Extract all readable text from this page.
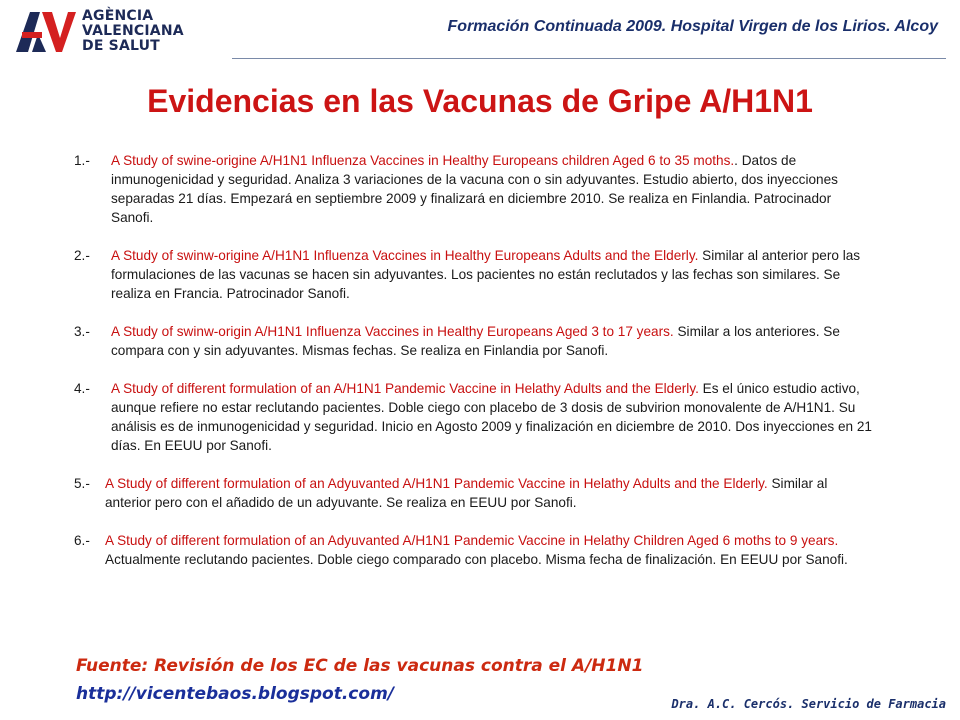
AGÈNCIA
VALENCIANA
DE SALUT
Formación Continuada 2009. Hospital Virgen de los Lirios. Alcoy
Evidencias en las Vacunas de Gripe A/H1N1
1.- A Study of swine-origine A/H1N1 Influenza Vaccines in Healthy Europeans children Aged 6 to 35 moths.. Datos de inmunogenicidad y seguridad. Analiza 3 variaciones de la vacuna con o sin adyuvantes. Estudio abierto, dos inyecciones separadas 21 días. Empezará en septiembre 2009 y finalizará en diciembre 2010. Se realiza en Finlandia. Patrocinador Sanofi.
2.- A Study of swinw-origine A/H1N1 Influenza Vaccines in Healthy Europeans Adults and the Elderly. Similar al anterior pero las formulaciones de las vacunas se hacen sin adyuvantes. Los pacientes no están reclutados y las fechas son similares. Se realiza en Francia. Patrocinador Sanofi.
3.- A Study of swinw-origin A/H1N1 Influenza Vaccines in Healthy Europeans Aged 3 to 17 years. Similar a los anteriores. Se compara con y sin adyuvantes. Mismas fechas. Se realiza en Finlandia por Sanofi.
4.- A Study of different formulation of an A/H1N1 Pandemic Vaccine in Helathy Adults and the Elderly. Es el único estudio activo, aunque refiere no estar reclutando pacientes. Doble ciego con placebo de 3 dosis de subvirion monovalente de A/H1N1. Su análisis es de inmunogenicidad y seguridad. Inicio en Agosto 2009 y finalización en diciembre de 2010. Dos inyecciones en 21 días. En EEUU por Sanofi.
5.- A Study of different formulation of an Adyuvanted A/H1N1 Pandemic Vaccine in Helathy Adults and the Elderly. Similar al anterior pero con el añadido de un adyuvante. Se realiza en EEUU por Sanofi.
6.- A Study of different formulation of an Adyuvanted A/H1N1 Pandemic Vaccine in Helathy Children Aged 6 moths to 9 years. Actualmente reclutando pacientes. Doble ciego comparado con placebo. Misma fecha de finalización. En EEUU por Sanofi.
Fuente: Revisión de los EC de las vacunas contra el A/H1N1 http://vicentebaos.blogspot.com/	Dra. A.C. Cercós. Servicio de Farmacia
